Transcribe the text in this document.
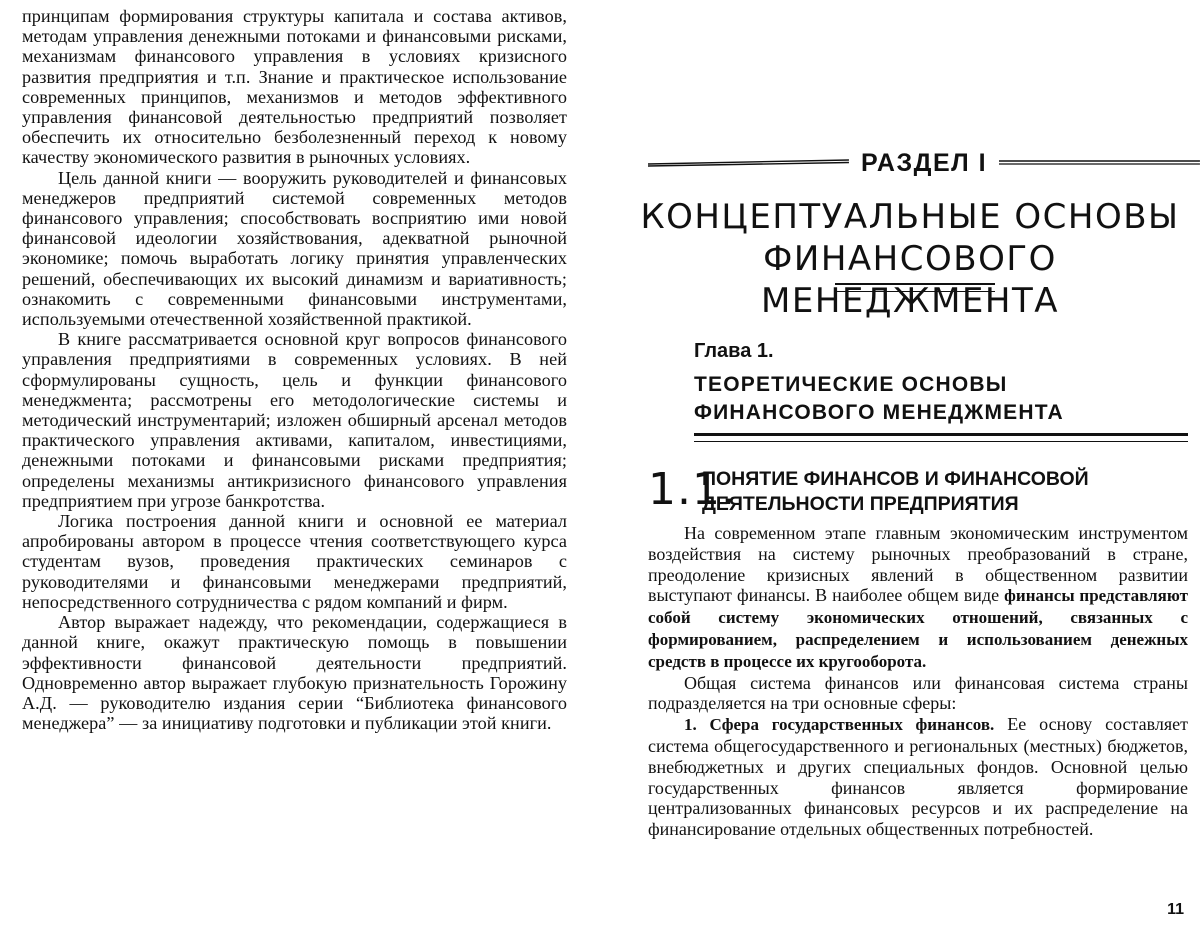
принципам формирования структуры капитала и состава активов, методам управления денежными потоками и финансовыми рисками, механизмам финансового управления в условиях кризисного развития предприятия и т.п. Знание и практическое использование современных принципов, механизмов и методов эффективного управления финансовой деятельностью предприятий позволяет обеспечить их относительно безболезненный переход к новому качеству экономического развития в рыночных условиях.

Цель данной книги — вооружить руководителей и финансовых менеджеров предприятий системой современных методов финансового управления; способствовать восприятию ими новой финансовой идеологии хозяйствования, адекватной рыночной экономике; помочь выработать логику принятия управленческих решений, обеспечивающих их высокий динамизм и вариативность; ознакомить с современными финансовыми инструментами, используемыми отечественной хозяйственной практикой.

В книге рассматривается основной круг вопросов финансового управления предприятиями в современных условиях. В ней сформулированы сущность, цель и функции финансового менеджмента; рассмотрены его методологические системы и методический инструментарий; изложен обширный арсенал методов практического управления активами, капиталом, инвестициями, денежными потоками и финансовыми рисками предприятия; определены механизмы антикризисного финансового управления предприятием при угрозе банкротства.

Логика построения данной книги и основной ее материал апробированы автором в процессе чтения соответствующего курса студентам вузов, проведения практических семинаров с руководителями и финансовыми менеджерами предприятий, непосредственного сотрудничества с рядом компаний и фирм.

Автор выражает надежду, что рекомендации, содержащиеся в данной книге, окажут практическую помощь в повышении эффективности финансовой деятельности предприятий. Одновременно автор выражает глубокую признательность Горожину А.Д. — руководителю издания серии “Библиотека финансового менеджера” — за инициативу подготовки и публикации этой книги.

РАЗДЕЛ I
КОНЦЕПТУАЛЬНЫЕ ОСНОВЫ
ФИНАНСОВОГО МЕНЕДЖМЕНТА
Глава 1.
ТЕОРЕТИЧЕСКИЕ ОСНОВЫ
ФИНАНСОВОГО МЕНЕДЖМЕНТА
1.1.
ПОНЯТИЕ ФИНАНСОВ И ФИНАНСОВОЙ
ДЕЯТЕЛЬНОСТИ ПРЕДПРИЯТИЯ

На современном этапе главным экономическим инструментом воздействия на систему рыночных преобразований в стране, преодоление кризисных явлений в общественном развитии выступают финансы. В наиболее общем виде финансы представляют собой систему экономических отношений, связанных с формированием, распределением и использованием денежных средств в процессе их кругооборота.

Общая система финансов или финансовая система страны подразделяется на три основные сферы:

1. Сфера государственных финансов. Ее основу составляет система общегосударственного и региональных (местных) бюджетов, внебюджетных и других специальных фондов. Основной целью государственных финансов является формирование централизованных финансовых ресурсов и их распределение на финансирование отдельных общественных потребностей.

11
